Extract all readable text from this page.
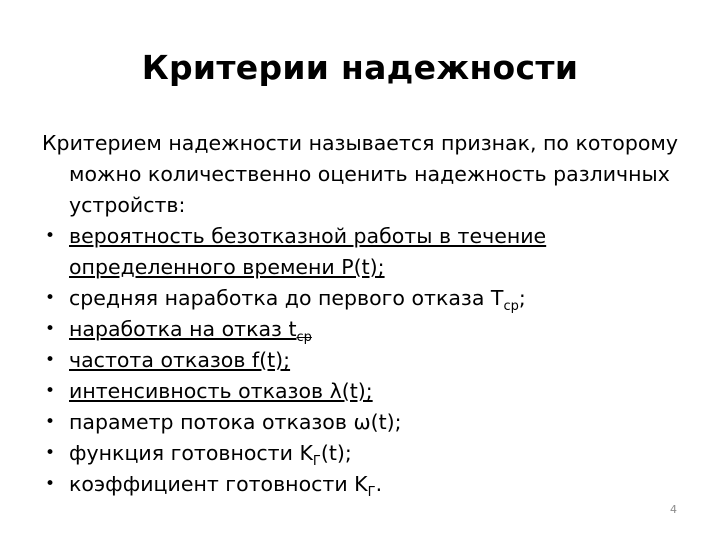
Критерии надежности

Критерием надежности называется признак, по которому можно количественно оценить надежность различных устройств:

• вероятность безотказной работы в течение определенного времени P(t);
• средняя наработка до первого отказа $T_{ср}$;
• наработка на отказ $t_{ср}$
• частота отказов f(t);
• интенсивность отказов λ(t);
• параметр потока отказов ω(t);
• функция готовности $K_Г(t)$;
• коэффициент готовности $K_Г$.
4
